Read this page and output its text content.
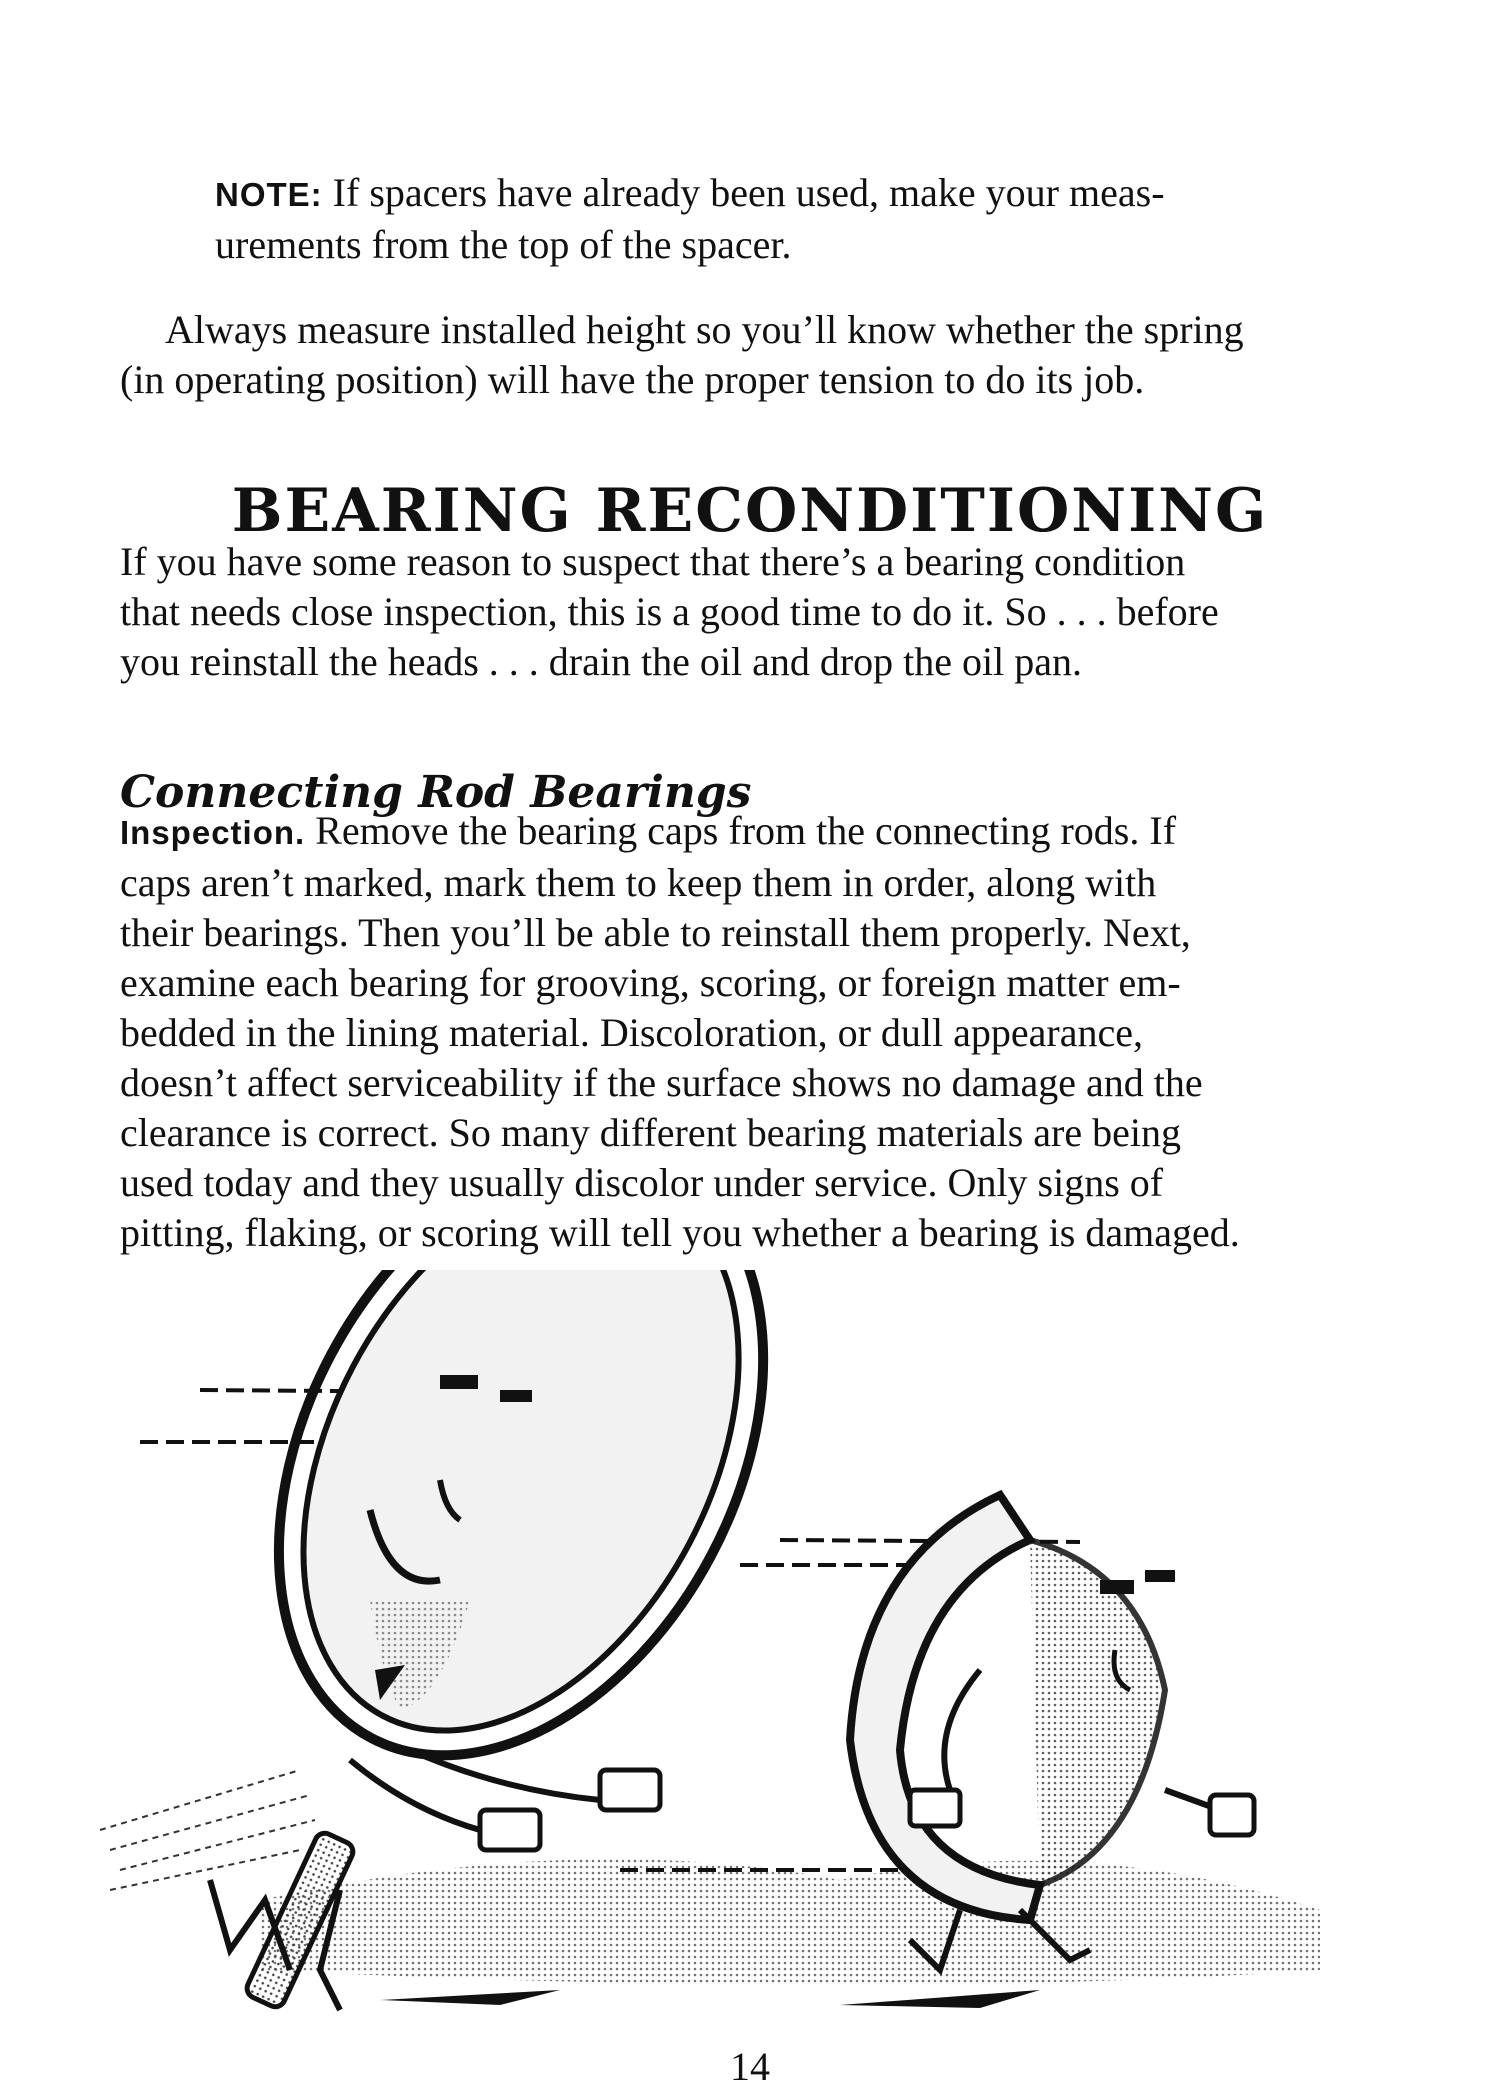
NOTE: If spacers have already been used, make your meas-
urements from the top of the spacer.

Always measure installed height so you’ll know whether the spring
(in operating position) will have the proper tension to do its job.

BEARING RECONDITIONING

If you have some reason to suspect that there’s a bearing condition
that needs close inspection, this is a good time to do it. So . . . before
you reinstall the heads . . . drain the oil and drop the oil pan.

Connecting Rod Bearings

Inspection. Remove the bearing caps from the connecting rods. If
caps aren’t marked, mark them to keep them in order, along with
their bearings. Then you’ll be able to reinstall them properly. Next,
examine each bearing for grooving, scoring, or foreign matter em-
bedded in the lining material. Discoloration, or dull appearance,
doesn’t affect serviceability if the surface shows no damage and the
clearance is correct. So many different bearing materials are being
used today and they usually discolor under service. Only signs of
pitting, flaking, or scoring will tell you whether a bearing is damaged.

14
